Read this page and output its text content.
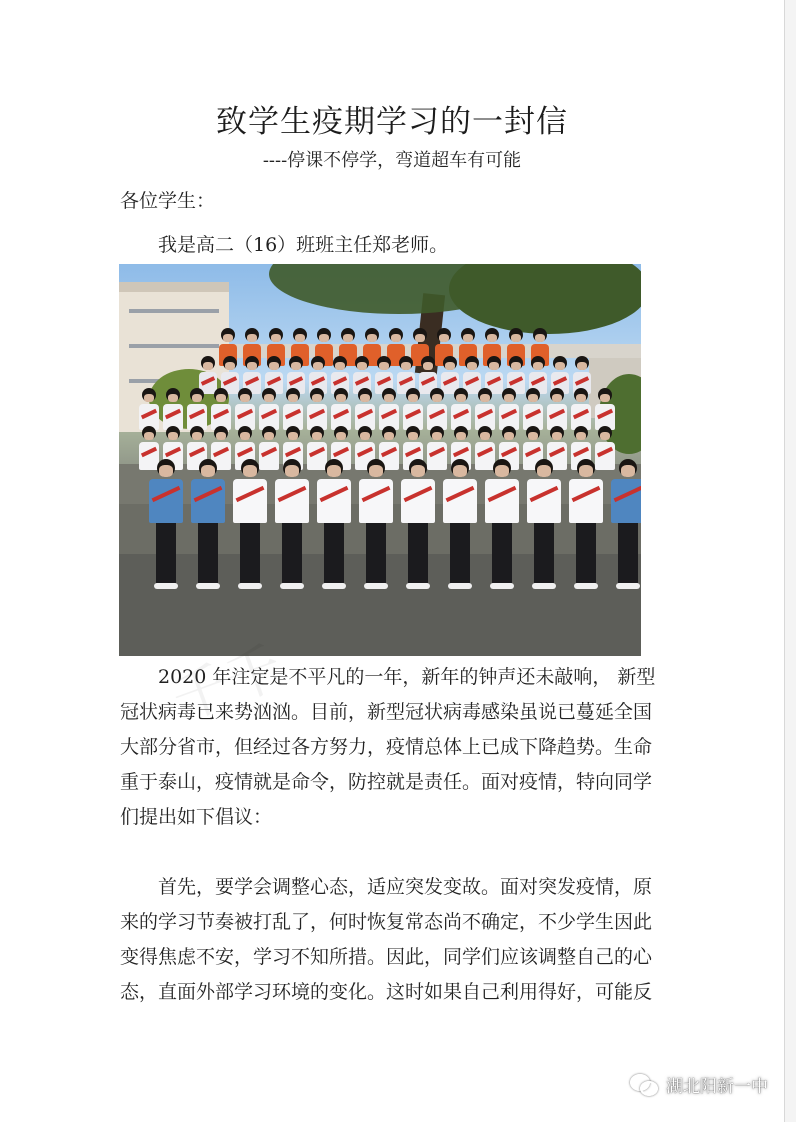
致学生疫期学习的一封信
----停课不停学，弯道超车有可能
各位学生：
我是高二（16）班班主任郑老师。
千千
2020 年注定是不平凡的一年，新年的钟声还未敲响， 新型
冠状病毒已来势汹汹。目前，新型冠状病毒感染虽说已蔓延全国
大部分省市，但经过各方努力，疫情总体上已成下降趋势。生命
重于泰山，疫情就是命令，防控就是责任。面对疫情，特向同学
们提出如下倡议：
首先，要学会调整心态，适应突发变故。面对突发疫情，原
来的学习节奏被打乱了，何时恢复常态尚不确定，不少学生因此
变得焦虑不安，学习不知所措。因此，同学们应该调整自己的心
态，直面外部学习环境的变化。这时如果自己利用得好，可能反
湖北阳新一中
